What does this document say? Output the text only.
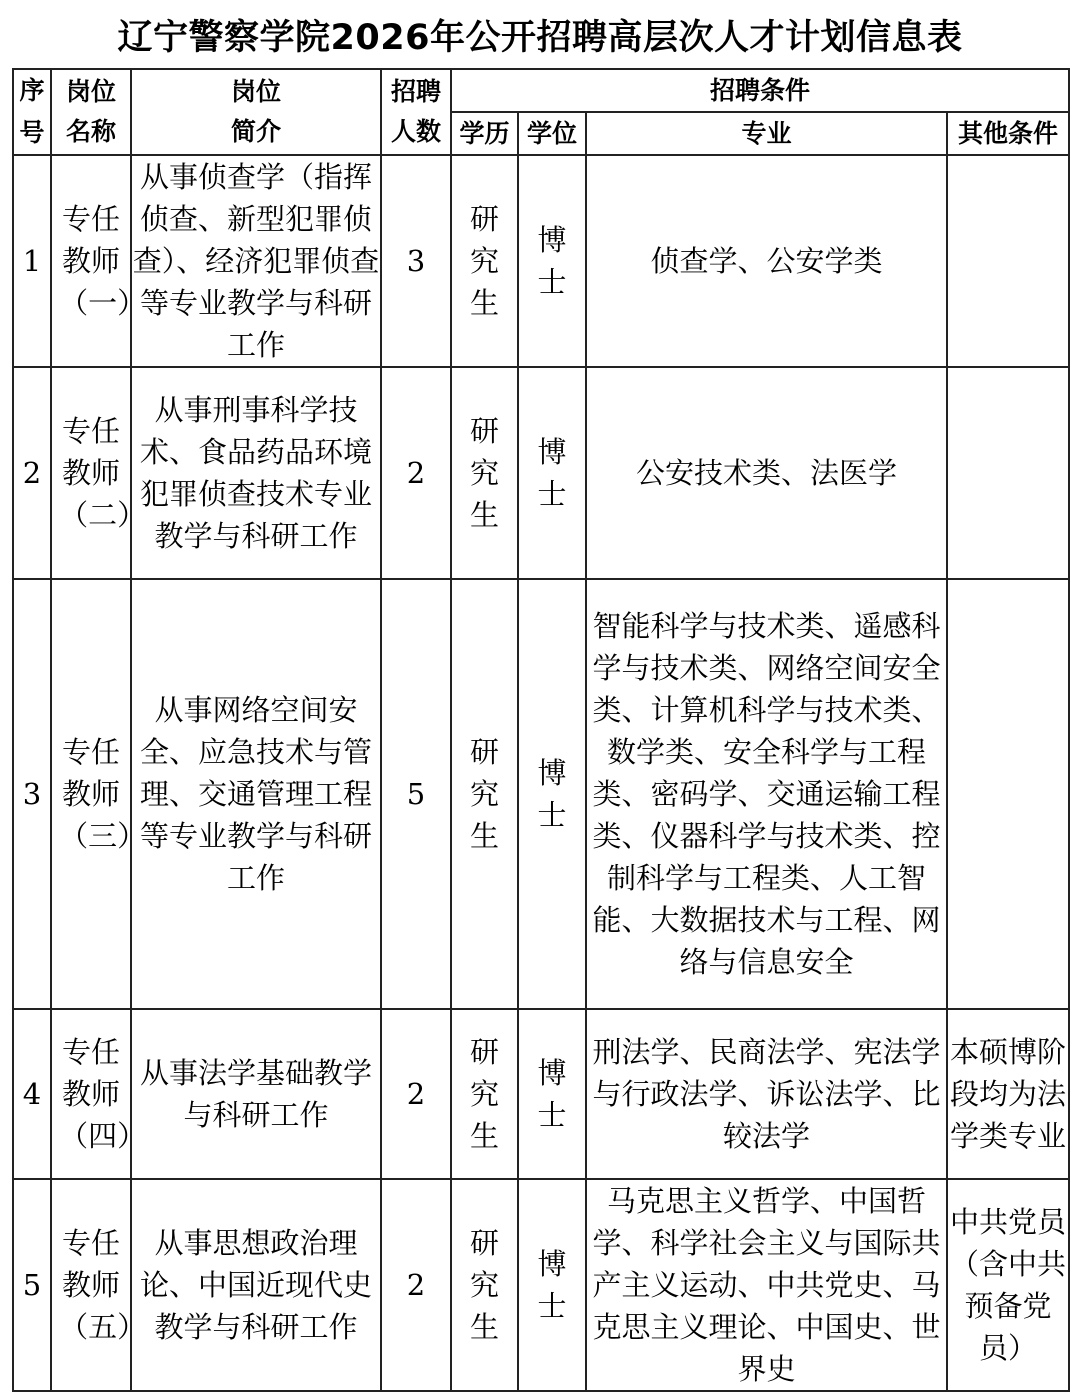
辽宁警察学院2026年公开招聘高层次人才计划信息表
序号	岗位名称	岗位简介	招聘人数	招聘条件			
				学历	学位	专业	其他条件
1	专任教师（一）	从事侦查学（指挥侦查、新型犯罪侦查）、经济犯罪侦查等专业教学与科研工作	3	研究生	博士	侦查学、公安学类	
2	专任教师（二）	从事刑事科学技术、食品药品环境犯罪侦查技术专业教学与科研工作	2	研究生	博士	公安技术类、法医学	
3	专任教师（三）	从事网络空间安全、应急技术与管理、交通管理工程等专业教学与科研工作	5	研究生	博士	智能科学与技术类、遥感科学与技术类、网络空间安全类、计算机科学与技术类、数学类、安全科学与工程类、密码学、交通运输工程类、仪器科学与技术类、控制科学与工程类、人工智能、大数据技术与工程、网络与信息安全	
4	专任教师（四）	从事法学基础教学与科研工作	2	研究生	博士	刑法学、民商法学、宪法学与行政法学、诉讼法学、比较法学	本硕博阶段均为法学类专业
5	专任教师（五）	从事思想政治理论、中国近现代史教学与科研工作	2	研究生	博士	马克思主义哲学、中国哲学、科学社会主义与国际共产主义运动、中共党史、马克思主义理论、中国史、世界史	中共党员（含中共预备党员）
